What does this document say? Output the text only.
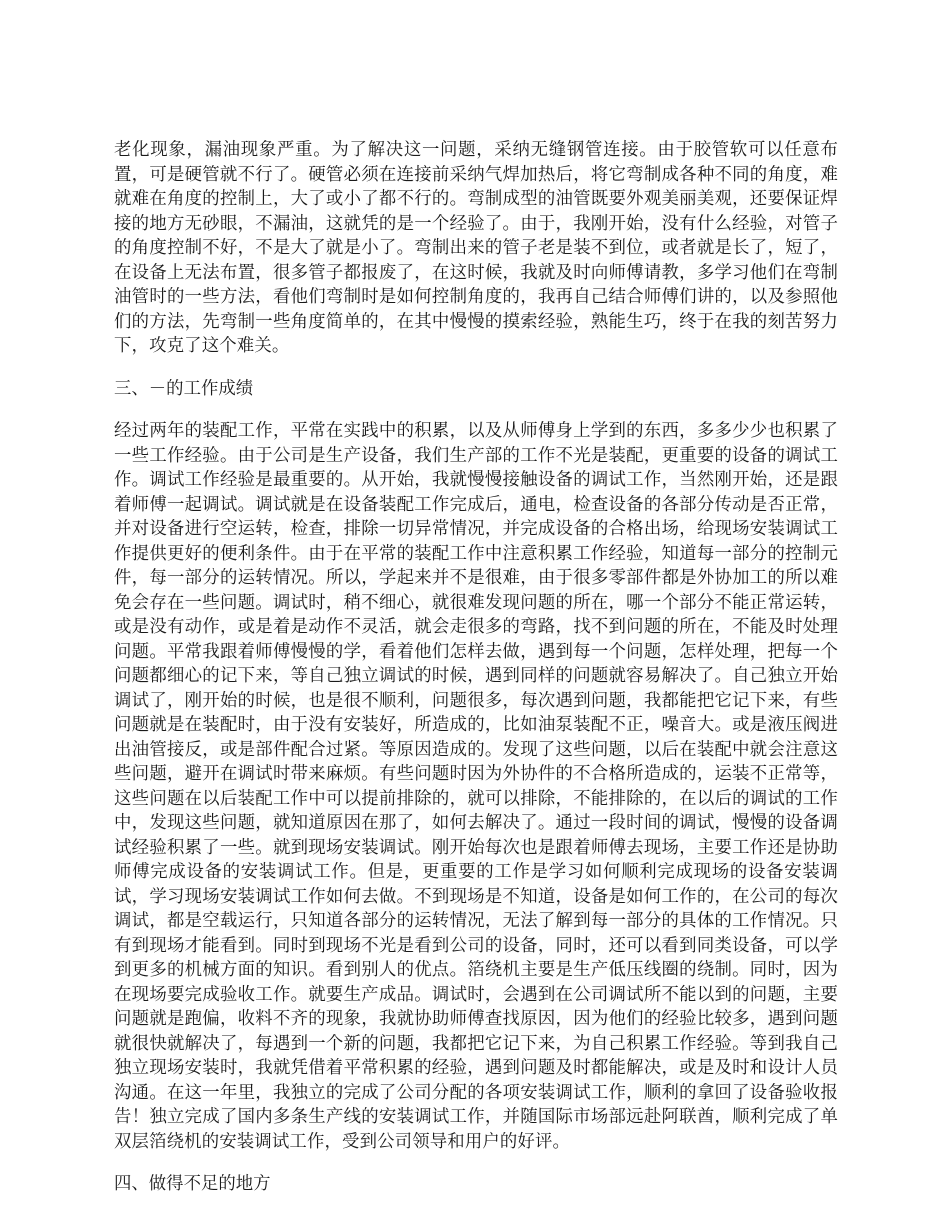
老化现象，漏油现象严重。为了解决这一问题，采纳无缝钢管连接。由于胶管软可以任意布置，可是硬管就不行了。硬管必须在连接前采纳气焊加热后，将它弯制成各种不同的角度，难就难在角度的控制上，大了或小了都不行的。弯制成型的油管既要外观美丽美观，还要保证焊接的地方无砂眼，不漏油，这就凭的是一个经验了。由于，我刚开始，没有什么经验，对管子的角度控制不好，不是大了就是小了。弯制出来的管子老是装不到位，或者就是长了，短了，在设备上无法布置，很多管子都报废了，在这时候，我就及时向师傅请教，多学习他们在弯制油管时的一些方法，看他们弯制时是如何控制角度的，我再自己结合师傅们讲的，以及参照他们的方法，先弯制一些角度简单的，在其中慢慢的摸索经验，熟能生巧，终于在我的刻苦努力下，攻克了这个难关。

三、－的工作成绩

经过两年的装配工作，平常在实践中的积累，以及从师傅身上学到的东西，多多少少也积累了一些工作经验。由于公司是生产设备，我们生产部的工作不光是装配，更重要的设备的调试工作。调试工作经验是最重要的。从开始，我就慢慢接触设备的调试工作，当然刚开始，还是跟着师傅一起调试。调试就是在设备装配工作完成后，通电，检查设备的各部分传动是否正常，并对设备进行空运转，检查，排除一切异常情况，并完成设备的合格出场，给现场安装调试工作提供更好的便利条件。由于在平常的装配工作中注意积累工作经验，知道每一部分的控制元件，每一部分的运转情况。所以，学起来并不是很难，由于很多零部件都是外协加工的所以难免会存在一些问题。调试时，稍不细心，就很难发现问题的所在，哪一个部分不能正常运转，或是没有动作，或是着是动作不灵活，就会走很多的弯路，找不到问题的所在，不能及时处理问题。平常我跟着师傅慢慢的学，看着他们怎样去做，遇到每一个问题，怎样处理，把每一个问题都细心的记下来，等自己独立调试的时候，遇到同样的问题就容易解决了。自己独立开始调试了，刚开始的时候，也是很不顺利，问题很多，每次遇到问题，我都能把它记下来，有些问题就是在装配时，由于没有安装好，所造成的，比如油泵装配不正，噪音大。或是液压阀进出油管接反，或是部件配合过紧。等原因造成的。发现了这些问题，以后在装配中就会注意这些问题，避开在调试时带来麻烦。有些问题时因为外协件的不合格所造成的，运装不正常等，这些问题在以后装配工作中可以提前排除的，就可以排除，不能排除的，在以后的调试的工作中，发现这些问题，就知道原因在那了，如何去解决了。通过一段时间的调试，慢慢的设备调试经验积累了一些。就到现场安装调试。刚开始每次也是跟着师傅去现场，主要工作还是协助师傅完成设备的安装调试工作。但是，更重要的工作是学习如何顺利完成现场的设备安装调试，学习现场安装调试工作如何去做。不到现场是不知道，设备是如何工作的，在公司的每次调试，都是空载运行，只知道各部分的运转情况，无法了解到每一部分的具体的工作情况。只有到现场才能看到。同时到现场不光是看到公司的设备，同时，还可以看到同类设备，可以学到更多的机械方面的知识。看到别人的优点。箔绕机主要是生产低压线圈的绕制。同时，因为在现场要完成验收工作。就要生产成品。调试时，会遇到在公司调试所不能以到的问题，主要问题就是跑偏，收料不齐的现象，我就协助师傅查找原因，因为他们的经验比较多，遇到问题就很快就解决了，每遇到一个新的问题，我都把它记下来，为自己积累工作经验。等到我自己独立现场安装时，我就凭借着平常积累的经验，遇到问题及时都能解决，或是及时和设计人员沟通。在这一年里，我独立的完成了公司分配的各项安装调试工作，顺利的拿回了设备验收报告！独立完成了国内多条生产线的安装调试工作，并随国际市场部远赴阿联酋，顺利完成了单双层箔绕机的安装调试工作，受到公司领导和用户的好评。

四、做得不足的地方
